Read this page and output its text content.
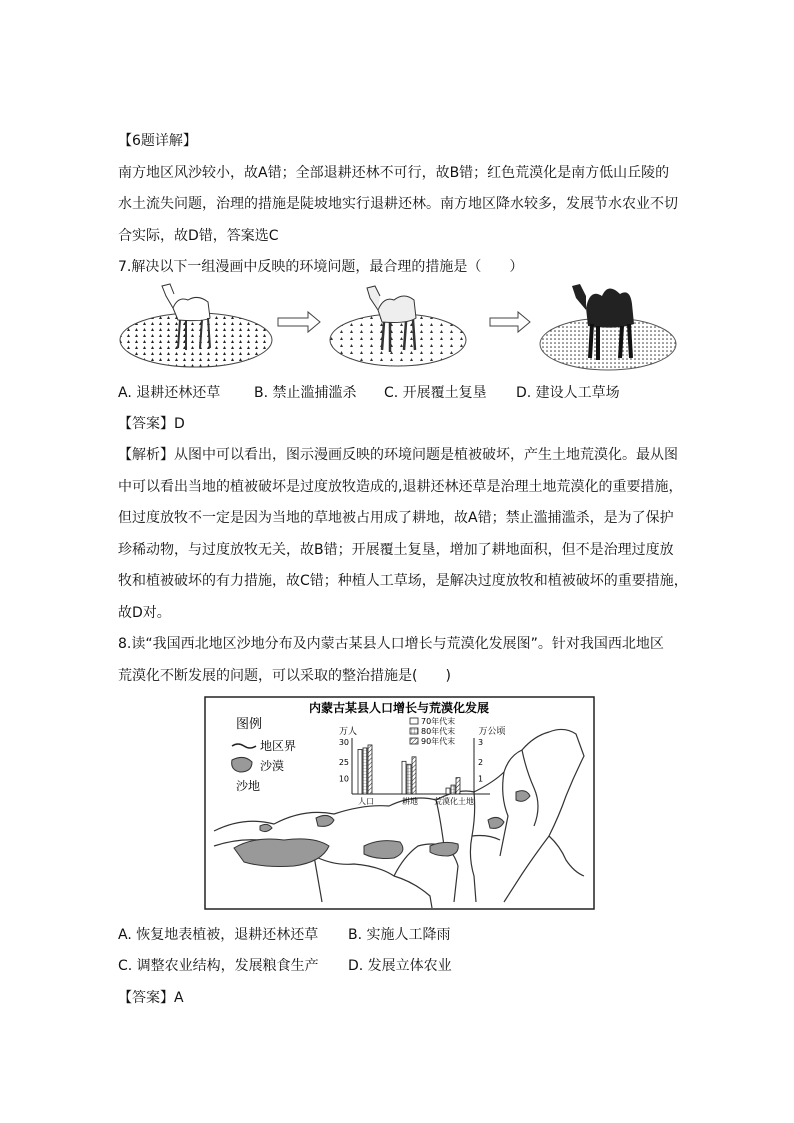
【6题详解】
南方地区风沙较小，故A错；全部退耕还林不可行，故B错；红色荒漠化是南方低山丘陵的
水土流失问题，治理的措施是陡坡地实行退耕还林。南方地区降水较多，发展节水农业不切
合实际，故D错，答案选C
7.解决以下一组漫画中反映的环境问题，最合理的措施是（　　）
A. 退耕还林还草 B. 禁止滥捕滥杀 C. 开展覆土复垦 D. 建设人工草场
【答案】D
【解析】从图中可以看出，图示漫画反映的环境问题是植被破坏，产生土地荒漠化。最从图
中可以看出当地的植被破坏是过度放牧造成的,退耕还林还草是治理土地荒漠化的重要措施，
但过度放牧不一定是因为当地的草地被占用成了耕地，故A错；禁止滥捕滥杀，是为了保护
珍稀动物，与过度放牧无关，故B错；开展覆土复垦，增加了耕地面积，但不是治理过度放
牧和植被破坏的有力措施，故C错；种植人工草场，是解决过度放牧和植被破坏的重要措施，
故D对。
8.读“我国西北地区沙地分布及内蒙古某县人口增长与荒漠化发展图”。针对我国西北地区
荒漠化不断发展的问题，可以采取的整治措施是(　　)
图例
地区界
沙漠
沙地
内蒙古某县人口增长与荒漠化发展
万人	万公顷
30
25
10
3
2
1
人口	耕地 荒漠化土地
70年代末
80年代末
90年代末
A. 恢复地表植被，退耕还林还草 B. 实施人工降雨
C. 调整农业结构，发展粮食生产 D. 发展立体农业
【答案】A
